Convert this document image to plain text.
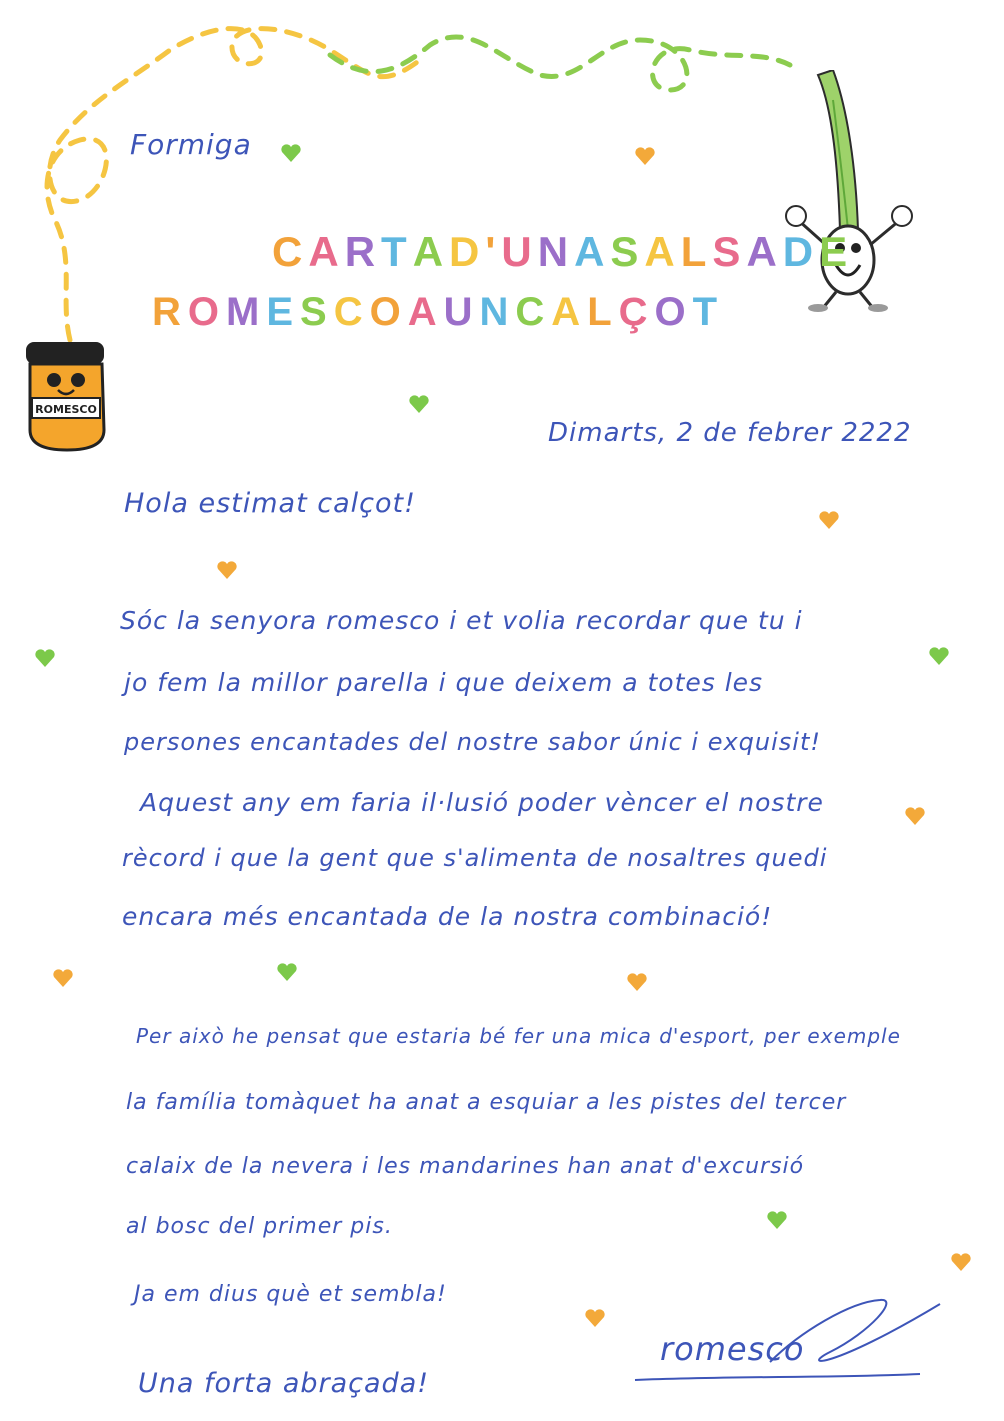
ROMESCO
Formiga
CARTAD'UNASALSADE
ROMESCOAUNCALÇOT
Dimarts, 2 de febrer 2222
Hola estimat calçot!
Sóc la senyora romesco i et volia recordar que tu i
jo fem la millor parella i que deixem a totes les
persones encantades del nostre sabor únic i exquisit!
Aquest any em faria il·lusió poder vèncer el nostre
rècord i que la gent que s'alimenta de nosaltres quedi
encara més encantada de la nostra combinació!
Per això he pensat que estaria bé fer una mica d'esport, per exemple
la família tomàquet ha anat a esquiar a les pistes del tercer
calaix de la nevera i les mandarines han anat d'excursió
al bosc del primer pis.
Ja em dius què et sembla!
Una forta abraçada!
romesco
